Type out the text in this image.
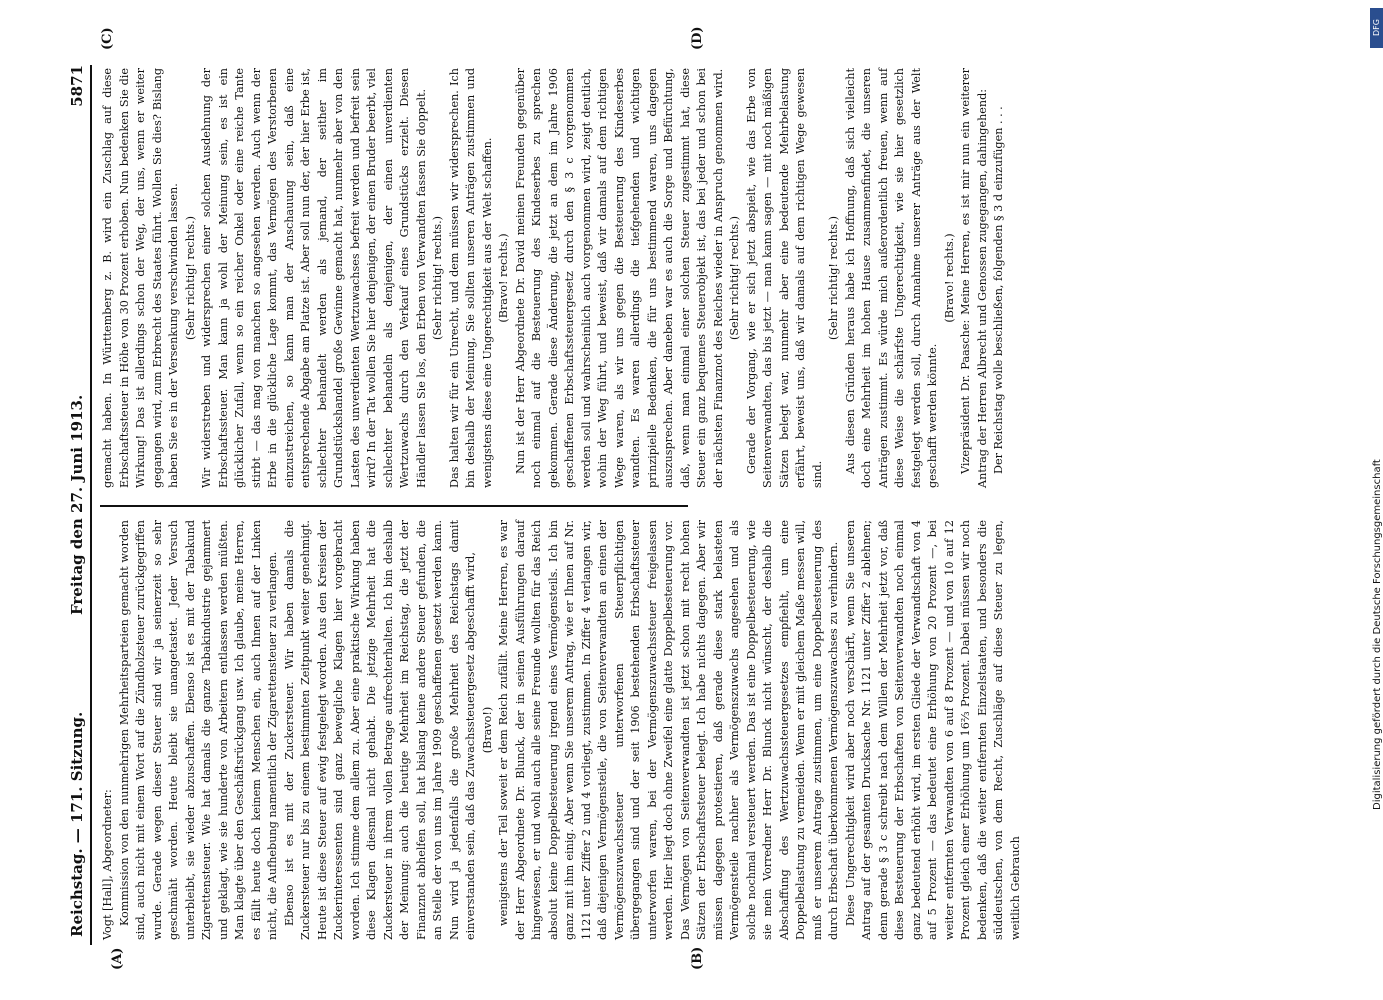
Reichstag. — 171. Sitzung.
Freitag den 27. Juni 1913.
5871
(A)	(B)
(C)	(D)

Vogt [Hall], Abgeordneter: Kommission von den nunmehrigen Mehrheitsparteien gemacht worden sind, auch nicht mit einem Wort auf die Zündholzsteuer zurückgegriffen wurde. Gerade wegen dieser Steuer sind wir ja seinerzeit so sehr geschmäht worden. Heute bleibt sie unangetastet. Jeder Versuch unterbleibt, sie wieder abzuschaffen. Ebenso ist es mit der Tabakund Zigarettensteuer. Wie hat damals die ganze Tabakindustrie gejammert und geklagt, wie sie hunderte von Arbeitern entlassen werden müßten. Man klagte über den Geschäftsrückgang usw. Ich glaube, meine Herren, es fällt heute doch keinem Menschen ein, auch Ihnen auf der Linken nicht, die Aufhebung namentlich der Zigarettensteuer zu verlangen. Ebenso ist es mit der Zuckersteuer. Wir haben damals die Zuckersteuer nur bis zu einem bestimmten Zeitpunkt weiter genehmigt. Heute ist diese Steuer auf ewig festgelegt worden. Aus den Kreisen der Zuckerinteressenten sind ganz bewegliche Klagen hier vorgebracht worden. Ich stimme dem allem zu. Aber eine praktische Wirkung haben diese Klagen diesmal nicht gehabt. Die jetzige Mehrheit hat die Zuckersteuer in ihrem vollen Betrage aufrechterhalten. Ich bin deshalb der Meinung: auch die heutige Mehrheit im Reichstag, die jetzt der Finanznot abhelfen soll, hat bislang keine andere Steuer gefunden, die an Stelle der von uns im Jahre 1909 geschaffenen gesetzt werden kann. Nun wird ja jedenfalls die große Mehrheit des Reichstags damit einverstanden sein, daß das Zuwachssteuergesetz abgeschafft wird, (Bravo!) wenigstens der Teil soweit er dem Reich zufällt. Meine Herren, es war der Herr Abgeordnete Dr. Blunck, der in seinen Ausführungen darauf hingewiesen, er und wohl auch alle seine Freunde wollten für das Reich absolut keine Doppelbesteuerung irgend eines Vermögensteils. Ich bin ganz mit ihm einig. Aber wenn Sie unserem Antrag, wie er Ihnen auf Nr. 1121 unter Ziffer 2 und 4 vorliegt, zustimmen. In Ziffer 4 verlangen wir, daß diejenigen Vermögensteile, die von Seitenverwandten an einen der Vermögenszuwachssteuer unterworfenen Steuerpflichtigen übergegangen sind und der seit 1906 bestehenden Erbschaftssteuer unterworfen waren, bei der Vermögenszuwachssteuer freigelassen werden. Hier liegt doch ohne Zweifel eine glatte Doppelbesteuerung vor. Das Vermögen von Seitenverwandten ist jetzt schon mit recht hohen Sätzen der Erbschaftssteuer belegt. Ich habe nichts dagegen. Aber wir müssen dagegen protestieren, daß gerade diese stark belasteten Vermögensteile nachher als Vermögenszuwachs angesehen und als solche nochmal versteuert werden. Das ist eine Doppelbesteuerung, wie sie mein Vorredner Herr Dr. Blunck nicht wünscht, der deshalb die Abschaffung des Wertzuwachssteuergesetzes empfiehlt, um eine Doppelbelastung zu vermeiden. Wenn er mit gleichem Maße messen will, muß er unserem Antrage zustimmen, um eine Doppelbesteuerung des durch Erbschaft überkommenen Vermögenszuwachses zu verhindern. Diese Ungerechtigkeit wird aber noch verschärft, wenn Sie unseren Antrag auf der gesamten Drucksache Nr. 1121 unter Ziffer 2 ablehnen; denn gerade § 3 c schreibt nach dem Willen der Mehrheit jetzt vor, daß diese Besteuerung der Erbschaften von Seitenverwandten noch einmal ganz bedeutend erhöht wird, im ersten Gliede der Verwandtschaft von 4 auf 5 Prozent — das bedeutet eine Erhöhung von 20 Prozent —, bei weiter entfernten Verwandten von 6 auf 8 Prozent — und von 10 auf 12 Prozent gleich einer Erhöhung um 16⅔ Prozent. Dabei müssen wir noch bedenken, daß die weiter entfernten Einzelstaaten, und besonders die süddeutschen, von dem Recht, Zuschläge auf diese Steuer zu legen, weitlich Gebrauch

gemacht haben. In Württemberg z. B. wird ein Zuschlag auf diese Erbschaftssteuer in Höhe von 30 Prozent erhoben. Nun bedenken Sie die Wirkung! Das ist allerdings schon der Weg, der uns, wenn er weiter gegangen wird, zum Erbrecht des Staates führt. Wollen Sie dies? Bislang haben Sie es in der Versenkung verschwinden lassen. (Sehr richtig! rechts.) Wir widerstreben und widersprechen einer solchen Ausdehnung der Erbschaftssteuer. Man kann ja wohl der Meinung sein, es ist ein glücklicher Zufall, wenn so ein reicher Onkel oder eine reiche Tante stirbt — das mag von manchen so angesehen werden. Auch wenn der Erbe in die glückliche Lage kommt, das Vermögen des Verstorbenen einzustreichen, so kann man der Anschauung sein, daß eine entsprechende Abgabe am Platze ist. Aber soll nun der, der hier Erbe ist, schlechter behandelt werden als jemand, der seither im Grundstückshandel große Gewinne gemacht hat, nunmehr aber von den Lasten des unverdienten Wertzuwachses befreit werden und befreit sein wird? In der Tat wollen Sie hier denjenigen, der einen Bruder beerbt, viel schlechter behandeln als denjenigen, der einen unverdienten Wertzuwachs durch den Verkauf eines Grundstücks erzielt. Diesen Händler lassen Sie los, den Erben von Verwandten fassen Sie doppelt. (Sehr richtig! rechts.) Das halten wir für ein Unrecht, und dem müssen wir widersprechen. Ich bin deshalb der Meinung, Sie sollten unseren Anträgen zustimmen und wenigstens diese eine Ungerechtigkeit aus der Welt schaffen. (Bravo! rechts.) Nun ist der Herr Abgeordnete Dr. David meinen Freunden gegenüber noch einmal auf die Besteuerung des Kindeserbes zu sprechen gekommen. Gerade diese Änderung, die jetzt an dem im Jahre 1906 geschaffenen Erbschaftssteuergesetz durch den § 3 c vorgenommen werden soll und wahrscheinlich auch vorgenommen wird, zeigt deutlich, wohin der Weg führt, und beweist, daß wir damals auf dem richtigen Wege waren, als wir uns gegen die Besteuerung des Kindeserbes wandten. Es waren allerdings die tiefgehenden und wichtigen prinzipielle Bedenken, die für uns bestimmend waren, uns dagegen auszusprechen. Aber daneben war es auch die Sorge und Befürchtung, daß, wenn man einmal einer solchen Steuer zugestimmt hat, diese Steuer ein ganz bequemes Steuerobjekt ist, das bei jeder und schon bei der nächsten Finanznot des Reiches wieder in Anspruch genommen wird. (Sehr richtig! rechts.) Gerade der Vorgang, wie er sich jetzt abspielt, wie das Erbe von Seitenverwandten, das bis jetzt — man kann sagen — mit noch mäßigen Sätzen belegt war, nunmehr aber eine bedeutende Mehrbelastung erfährt, beweist uns, daß wir damals auf dem richtigen Wege gewesen sind.

(Sehr richtig! rechts.) Aus diesen Gründen heraus habe ich Hoffnung, daß sich vielleicht doch eine Mehrheit im hohen Hause zusammenfindet, die unseren Anträgen zustimmt. Es würde mich außerordentlich freuen, wenn auf diese Weise die schärfste Ungerechtigkeit, wie sie hier gesetzlich festgelegt werden soll, durch Annahme unserer Anträge aus der Welt geschafft werden könnte.

(Bravo! rechts.) Vizepräsident Dr. Paasche: Meine Herren, es ist mir nun ein weiterer Antrag der Herren Albrecht und Genossen zugegangen, dahingehend: Der Reichstag wolle beschließen, folgenden § 3 d einzufügen . . .

Digitalisierung gefördert durch die Deutsche Forschungsgemeinschaft
DFG
